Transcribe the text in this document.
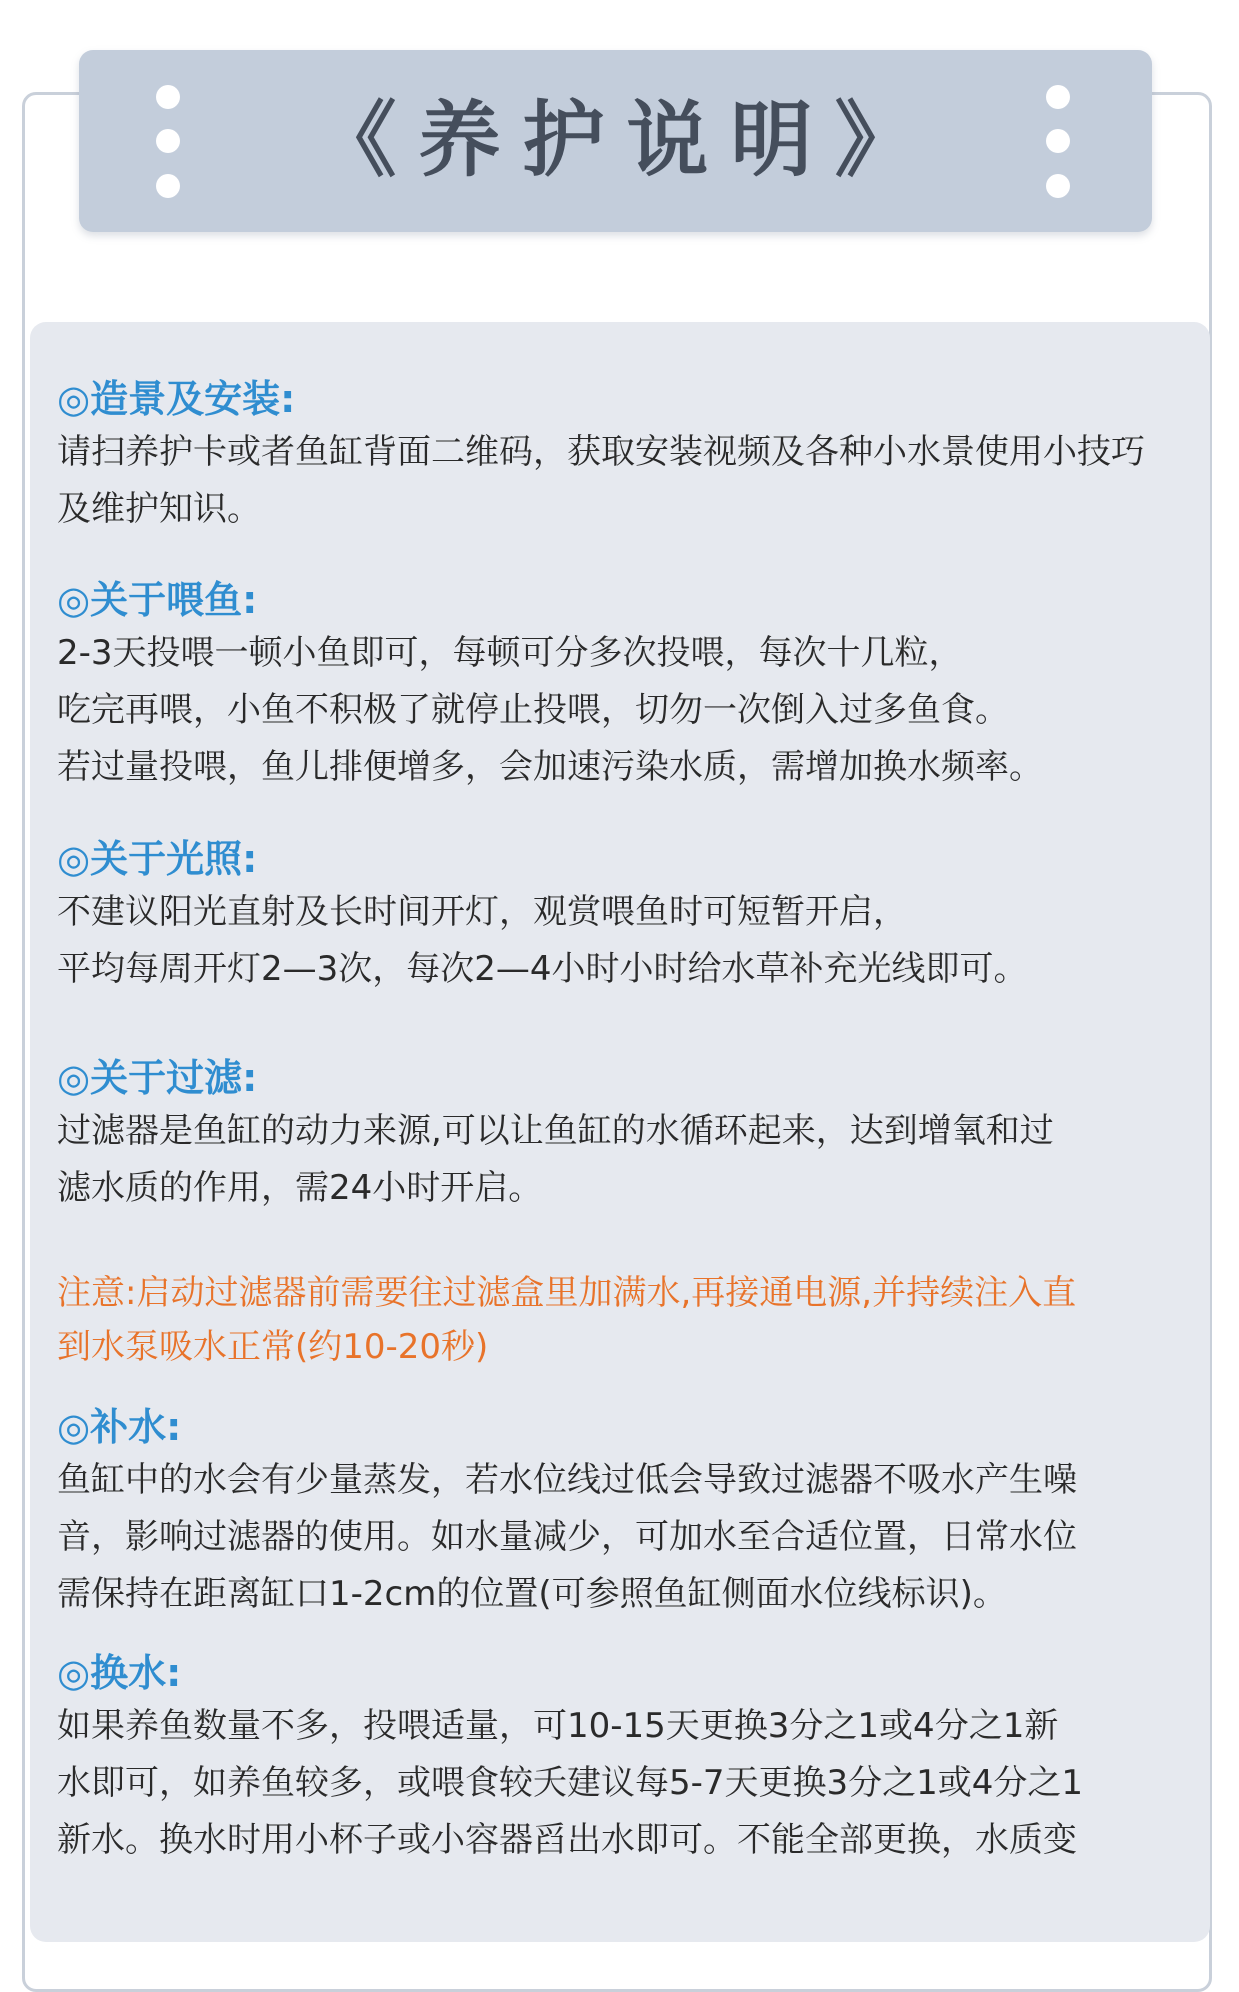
《养护说明》
◎造景及安装:
请扫养护卡或者鱼缸背面二维码，获取安装视频及各种小水景使用小技巧
及维护知识。
◎关于喂鱼:
2-3天投喂一顿小鱼即可，每顿可分多次投喂，每次十几粒，
吃完再喂，小鱼不积极了就停止投喂，切勿一次倒入过多鱼食。
若过量投喂，鱼儿排便增多，会加速污染水质，需增加换水频率。
◎关于光照:
不建议阳光直射及长时间开灯，观赏喂鱼时可短暂开启，
平均每周开灯2—3次，每次2—4小时小时给水草补充光线即可。
◎关于过滤:
过滤器是鱼缸的动力来源,可以让鱼缸的水循环起来，达到增氧和过
滤水质的作用，需24小时开启。
注意:启动过滤器前需要往过滤盒里加满水,再接通电源,并持续注入直
到水泵吸水正常(约10-20秒)
◎补水:
鱼缸中的水会有少量蒸发，若水位线过低会导致过滤器不吸水产生噪
音，影响过滤器的使用。如水量减少，可加水至合适位置，日常水位
需保持在距离缸口1-2cm的位置(可参照鱼缸侧面水位线标识)。
◎换水:
如果养鱼数量不多，投喂适量，可10-15天更换3分之1或4分之1新
水即可，如养鱼较多，或喂食较夭建议每5-7天更换3分之1或4分之1
新水。换水时用小杯子或小容器舀出水即可。不能全部更换，水质变
